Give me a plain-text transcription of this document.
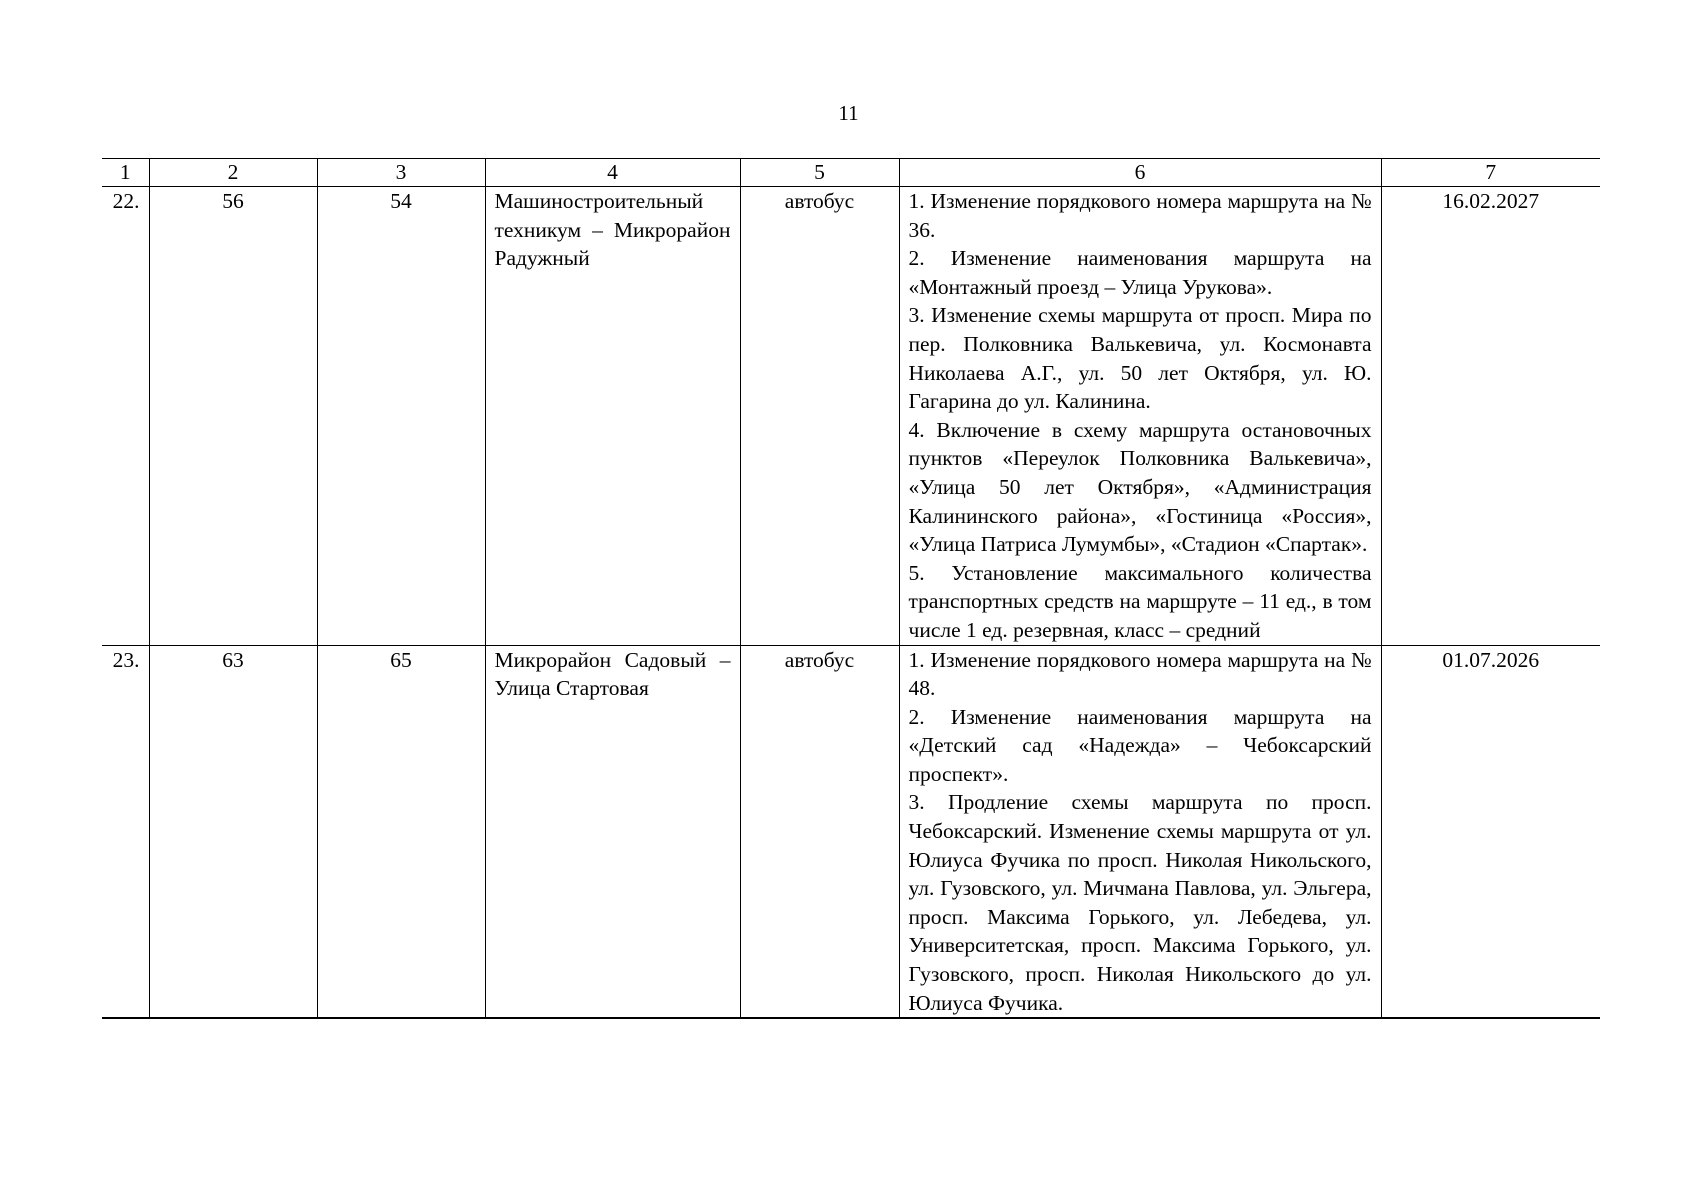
11
1	2	3	4	5	6	7
22.	56	54	Машиностроительный техникум – Микрорайон Радужный	автобус	1. Изменение порядкового номера маршрута на № 36.
2. Изменение наименования маршрута на «Монтажный проезд – Улица Урукова».
3. Изменение схемы маршрута от просп. Мира по пер. Полковника Валькевича, ул. Космонавта Николаева А.Г., ул. 50 лет Октября, ул. Ю. Гагарина до ул. Калинина.
4. Включение в схему маршрута остановочных пунктов «Переулок Полковника Валькевича», «Улица 50 лет Октября», «Администрация Калининского района», «Гостиница «Россия», «Улица Патриса Лумумбы», «Стадион «Спартак».
5. Установление максимального количества транспортных средств на маршруте – 11 ед., в том числе 1 ед. резервная, класс – средний	16.02.2027
23.	63	65	Микрорайон Садовый – Улица Стартовая	автобус	1. Изменение порядкового номера маршрута на № 48.
2. Изменение наименования маршрута на «Детский сад «Надежда» – Чебоксарский проспект».
3. Продление схемы маршрута по просп. Чебоксарский. Изменение схемы маршрута от ул. Юлиуса Фучика по просп. Николая Никольского, ул. Гузовского, ул. Мичмана Павлова, ул. Эльгера, просп. Максима Горького, ул. Лебедева, ул. Университетская, просп. Максима Горького, ул. Гузовского, просп. Николая Никольского до ул. Юлиуса Фучика.	01.07.2026
